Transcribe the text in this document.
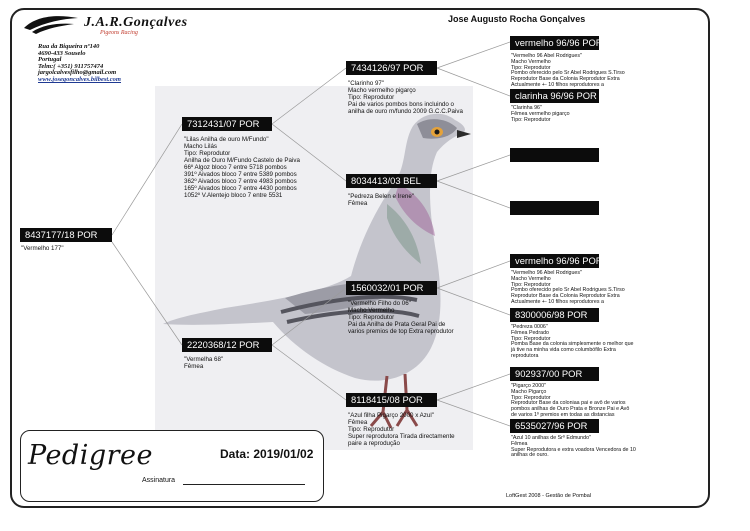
J.A.R.Gonçalves
Pigeons Racing
Rua da Biqueira nº140
4690-433 Souselo
Portugal
Telm:( +351) 911757474
jargolcalvesfilho@gmail.com
www.josegoncalves.bilbest.com
Jose Augusto Rocha Gonçalves
8437177/18 POR
"Vermelho 177"
7312431/07 POR
"Lilas Anilha de ouro M/Fundo"
Macho Lilás
Tipo: Reprodutor
Anilha de Ouro M/Fundo Castelo de Paiva
66º Algoz bloco 7 entre 5718 pombos
391º Aivados bloco 7 entre 5389 pombos
362º Aivados bloco 7 entre 4983 pombos
165º Aivados bloco 7 entre 4430 pombos
1052º V.Alentejo bloco 7 entre 5531
2220368/12 POR
"Vermelha 68"
Fêmea
7434126/97 POR
"Clarinho 97"
Macho vermelho pigarço
Tipo: Reprodutor
Pai de varios pombos bons incluindo o
anilha de ouro m/fundo 2009 G.C.C.Paiva
8034413/03 BEL
"Pedreza Belen e Irene"
Fêmea
1560032/01 POR
"Vermelho Filho do 06"
Macho Vermelho
Tipo: Reprodutor
Pai da Anilha de Prata Geral Pai de
varios premios de top Extra reprodutor
8118415/08 POR
"Azul filha Pigarço 2000 x Azul"
Fêmea
Tipo: Reprodutor
Super reprodutora Tirada directamente
paire a reprodução
vermelho 96/96 POR
"Vermelho 96 Abel Rodrigues"
Macho Vermelho
Tipo: Reprodutor
Pombo oferecido pelo Sr Abel Rodrigues S.Tirso
Reprodutor Base da Colonia Reprodutor Extra
Actualmente +- 10 filhos reprodutores a
clarinha 96/96 POR
"Clarinha 96"
Fêmea vermelho pigarço
Tipo: Reprodutor
vermelho 96/96 POR
"Vermelho 96 Abel Rodrigues"
Macho Vermelho
Tipo: Reprodutor
Pombo oferecido pelo Sr Abel Rodrigues S.Tirso
Reprodutor Base da Colonia Reprodutor Extra
Actualmente +- 10 filhos reprodutores a
8300006/98 POR
"Pedreza 0006"
Fêmea Pedrado
Tipo: Reprodutor
Pomba Base da colonia simplesmente o melhor que
já tive na minha vida como columbófilo Extra
reprodutora
902937/00 POR
"Pigarço 2000"
Macho Pigarço
Tipo: Reprodutor
Reprodutor Base da coloniaa pai e avô de varios
pombos anilhas de Ouro Prata e Bronze Pai e Avô
de varios 1º premios em todas as distancias
6535027/96 POR
"Azul 10 anilhas de Srº Edmundo"
Fêmea
Super Reprodutora e extra voadora Vencedora de 10
anilhas de ouro.
Pedigree	Data: 2019/01/02
Assinatura
LoftGest 2008 - Gestão de Pombal
